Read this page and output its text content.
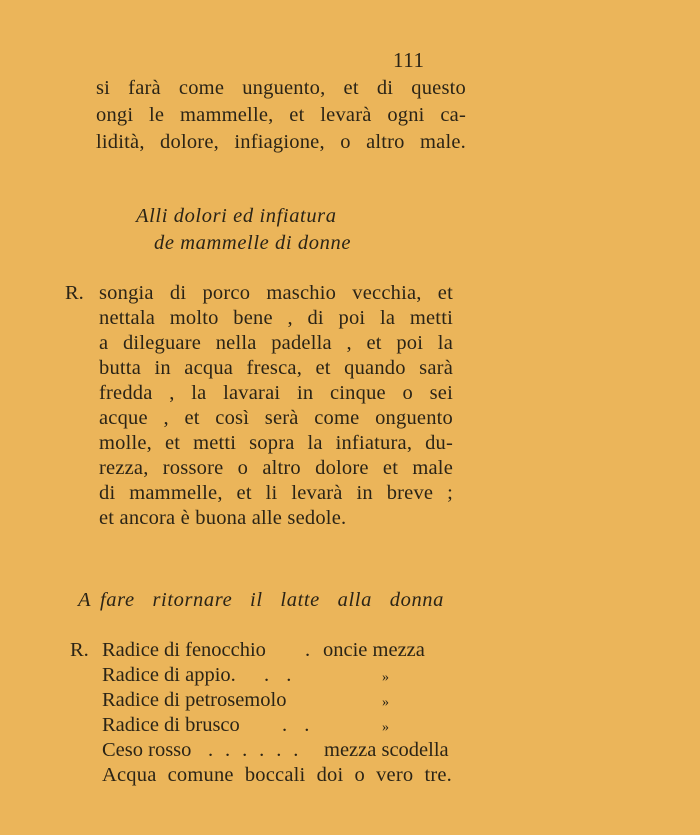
111
si farà come unguento, et di questo
ongi le mammelle, et levarà ogni ca-
lidità, dolore, infiagione, o altro male.
Alli dolori ed infiatura
de mammelle di donne
R. songia di porco maschio vecchia, et
nettala molto bene , di poi la metti
a dileguare nella padella , et poi la
butta in acqua fresca, et quando sarà
fredda , la lavarai in cinque o sei
acque , et così serà come onguento
molle, et metti sopra la infiatura, du-
rezza, rossore o altro dolore et male
di mammelle, et li levarà in breve ;
et ancora è buona alle sedole.
A fare ritornare il latte alla donna
R. Radice di fenocchio . oncie mezza
Radice di appio. . .	»
Radice di petrosemolo	»
Radice di brusco . .	»
Ceso rosso . . . . . . mezza scodella
Acqua comune boccali doi o vero tre.
